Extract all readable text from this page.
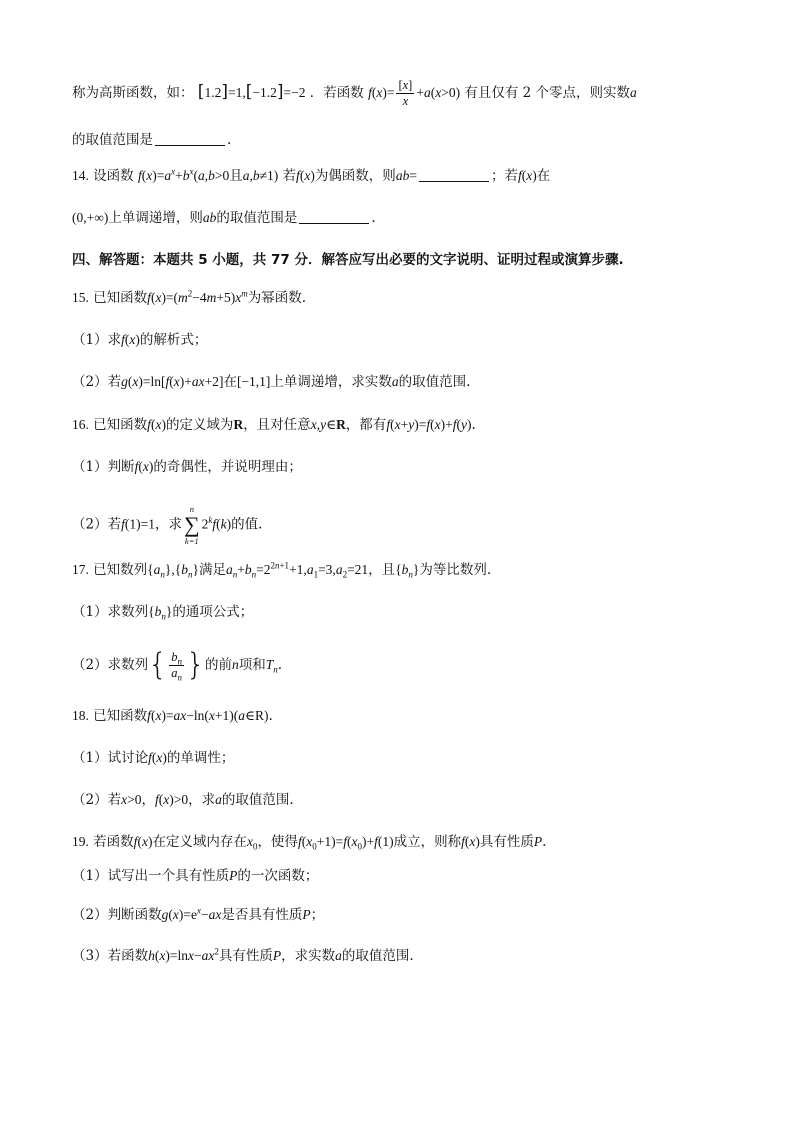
称为高斯函数，如： [1.2]=1,[−1.2]=−2 ．若函数 $f(x)= \frac{[x]}{x} +a(x>0)$ 有且仅有 2 个零点，则实数a
的取值范围是	.
14. 设函数 $f(x)=a^x+b^x(a,b>0$且a,b≠1) 若f(x)为偶函数，则ab=	；若f(x)在
(0,+∞)上单调递增，则ab的取值范围是	.
四、解答题：本题共 5 小题，共 77 分．解答应写出必要的文字说明、证明过程或演算步骤.
15. 已知函数$f(x)=(m^2-4m+5)x^m$为幂函数.
（1）求f(x)的解析式；
（2）若g(x)=ln[f(x)+ax+2]在[−1,1]上单调递增，求实数a的取值范围.
16. 已知函数f(x)的定义域为R，且对任意x,y∈R，都有f(x+y)=f(x)+f(y).
（1）判断f(x)的奇偶性，并说明理由；
（2）若f(1)=1，求
n
∑
k=1
2$^k$f(k)的值.
17. 已知数列$\{a_n\},\{b_n\}$满足$a_n+b_n=2^{2n+1}+1,a_1=3,a_2=21$，且$\{b_n\}$为等比数列.
（1）求数列$\{b_n\}$的通项公式；
（2）求数列{ $\frac{b_n}{a_n}$ }的前n项和$T_n$.
18. 已知函数f(x)=ax−ln(x+1)(a∈R).
（1）试讨论f(x)的单调性；
（2）若x>0，f(x)>0，求a的取值范围.
19. 若函数f(x)在定义域内存在$x_0$，使得$f(x_0+1)=f(x_0)+f(1)$成立，则称f(x)具有性质P.
（1）试写出一个具有性质P的一次函数；
（2）判断函数$g(x)=e^x-ax$是否具有性质P；
（3）若函数$h(x)=\ln x-ax^2$具有性质P，求实数a的取值范围.
